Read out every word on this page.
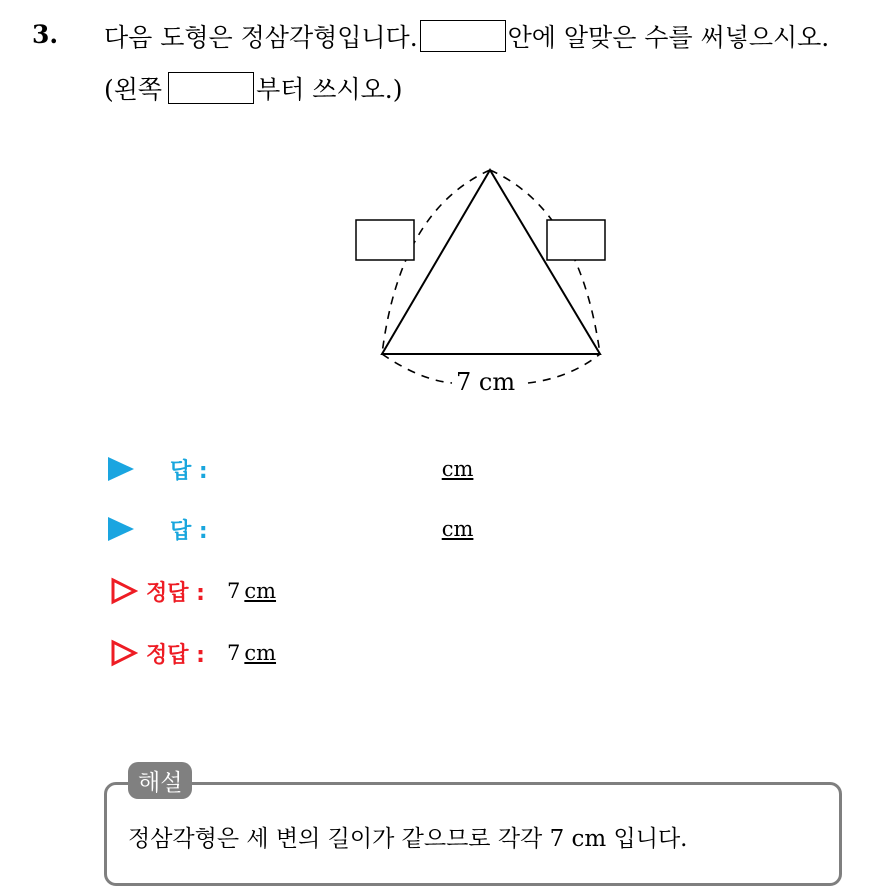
3. 다음 도형은 정삼각형입니다.	안에 알맞은 수를 써넣으시오.
(왼쪽	부터 쓰시오.)
7 cm
답 :	cm
답 :	cm
정답 : 7 cm
정답 : 7 cm
해설
정삼각형은 세 변의 길이가 같으므로 각각 7 cm 입니다.
